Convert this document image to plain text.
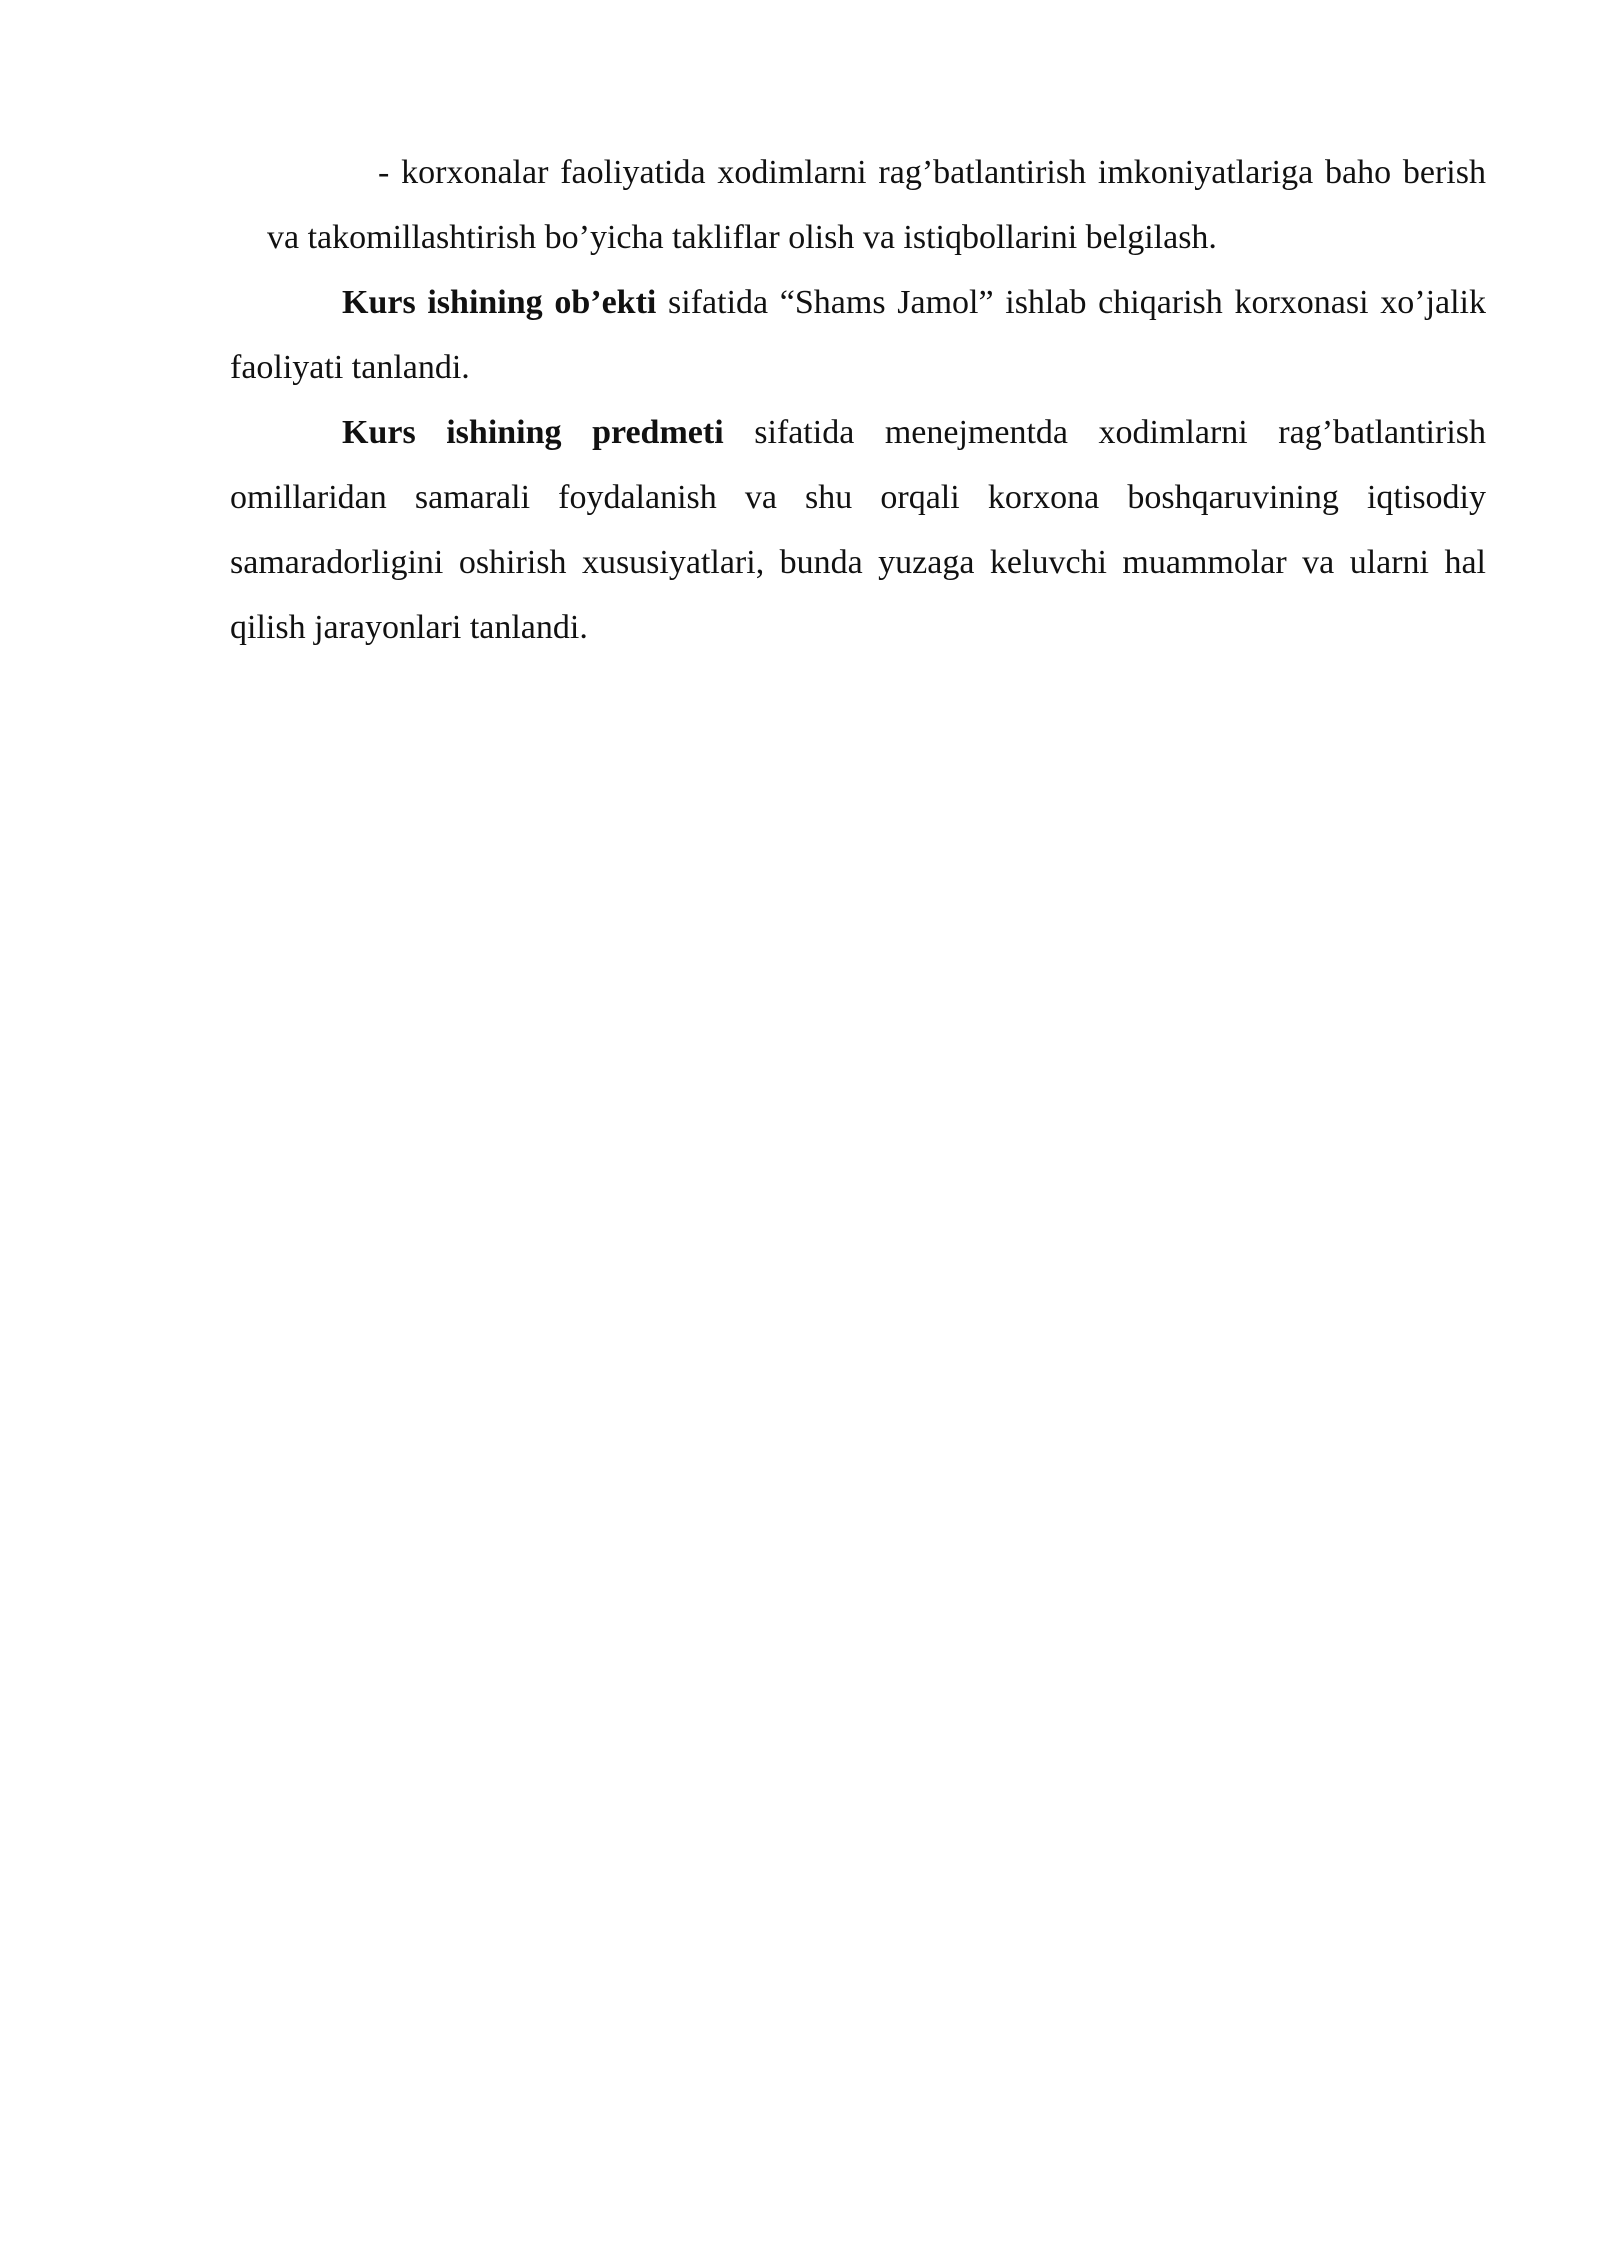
- korxonalar faoliyatida xodimlarni rag’batlantirish imkoniyatlariga baho berish va takomillashtirish bo’yicha takliflar olish va istiqbollarini belgilash.

Kurs ishining ob’ekti sifatida “Shams Jamol” ishlab chiqarish korxonasi xo’jalik faoliyati tanlandi.

Kurs ishining predmeti sifatida menejmentda xodimlarni rag’batlantirish omillaridan samarali foydalanish va shu orqali korxona boshqaruvining iqtisodiy samaradorligini oshirish xususiyatlari, bunda yuzaga keluvchi muammolar va ularni hal qilish jarayonlari tanlandi.
